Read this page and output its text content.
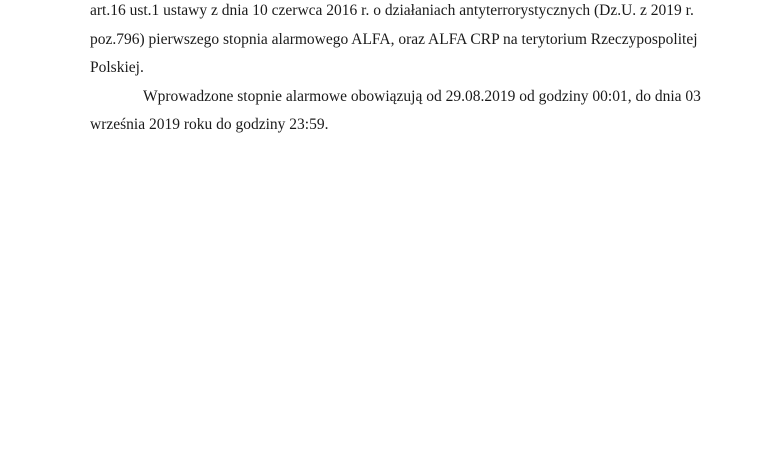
art.16 ust.1 ustawy z dnia 10 czerwca 2016 r. o działaniach antyterrorystycznych (Dz.U. z 2019 r.
poz.796) pierwszego stopnia alarmowego ALFA, oraz ALFA CRP na terytorium Rzeczypospolitej
Polskiej.
Wprowadzone stopnie alarmowe obowiązują od 29.08.2019 od godziny 00:01, do dnia 03
września 2019 roku do godziny 23:59.
